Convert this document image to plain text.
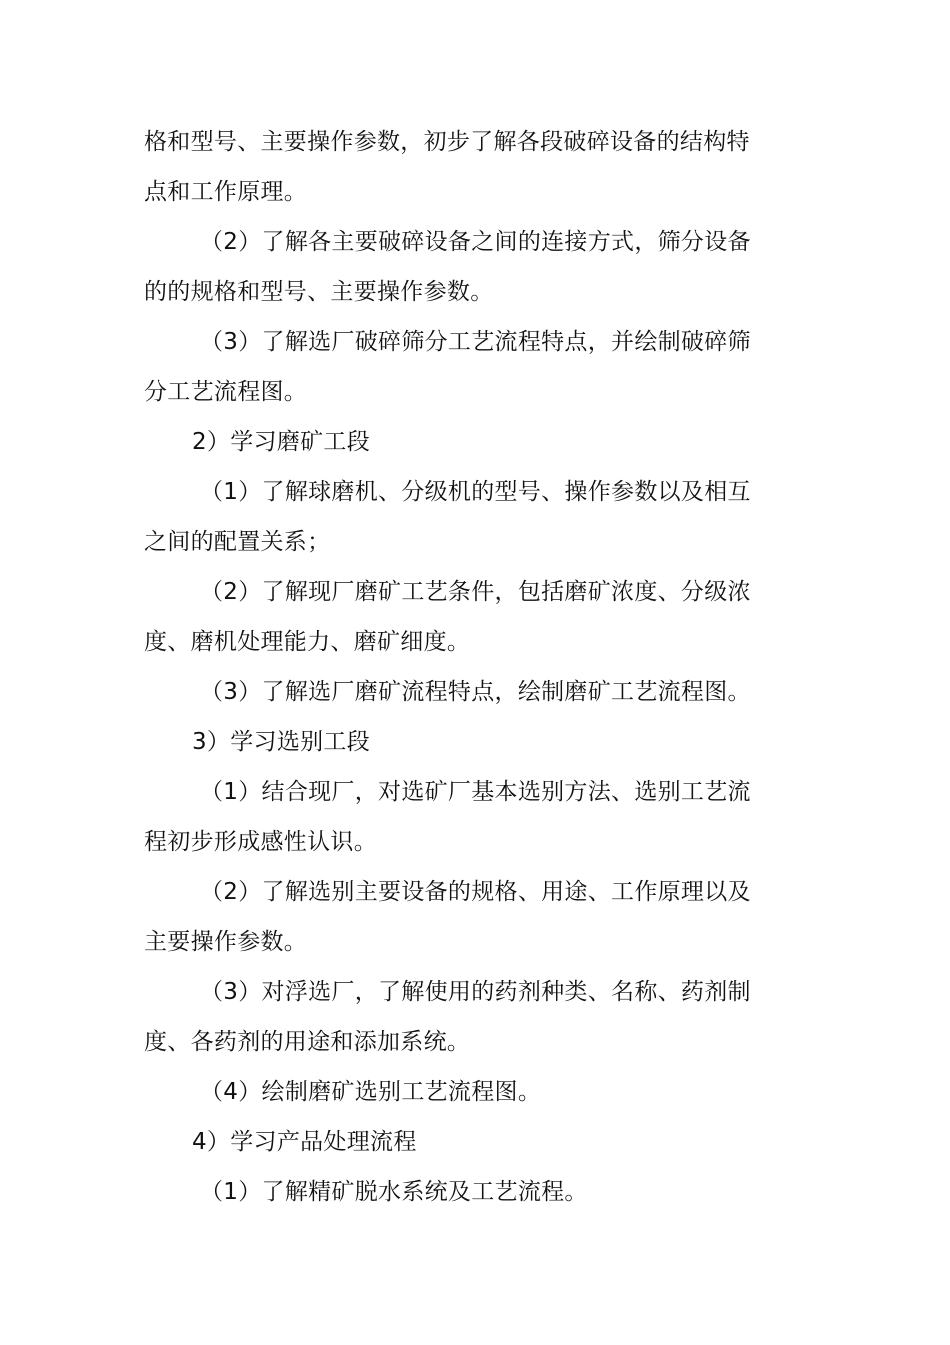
格和型号、主要操作参数，初步了解各段破碎设备的结构特
点和工作原理。
（2）了解各主要破碎设备之间的连接方式，筛分设备
的的规格和型号、主要操作参数。
（3）了解选厂破碎筛分工艺流程特点，并绘制破碎筛
分工艺流程图。
2）学习磨矿工段
（1）了解球磨机、分级机的型号、操作参数以及相互
之间的配置关系；
（2）了解现厂磨矿工艺条件，包括磨矿浓度、分级浓
度、磨机处理能力、磨矿细度。
（3）了解选厂磨矿流程特点，绘制磨矿工艺流程图。
3）学习选别工段
（1）结合现厂，对选矿厂基本选别方法、选别工艺流
程初步形成感性认识。
（2）了解选别主要设备的规格、用途、工作原理以及
主要操作参数。
（3）对浮选厂，了解使用的药剂种类、名称、药剂制
度、各药剂的用途和添加系统。
（4）绘制磨矿选别工艺流程图。
4）学习产品处理流程
（1）了解精矿脱水系统及工艺流程。
